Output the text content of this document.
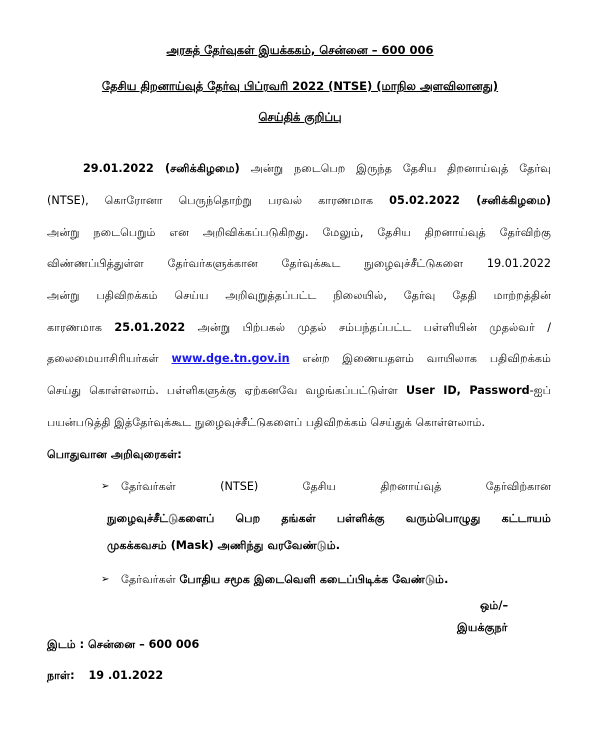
அரசுத் தேர்வுகள் இயக்ககம், சென்னை – 600 006
தேசிய திறனாய்வுத் தேர்வு பிப்ரவரி 2022 (NTSE) (மாநில அளவிலானது)
செய்திக் குறிப்பு
29.01.2022 (சனிக்கிழமை) அன்று நடைபெற இருந்த தேசிய திறனாய்வுத் தேர்வு
(NTSE), கொரோனா பெருந்தொற்று பரவல் காரணமாக 05.02.2022 (சனிக்கிழமை)
அன்று நடைபெறும் என அறிவிக்கப்படுகிறது. மேலும், தேசிய திறனாய்வுத் தேர்விற்கு
விண்ணப்பித்துள்ள தேர்வர்களுக்கான தேர்வுக்கூட நுழைவுச்சீட்டுகளை 19.01.2022
அன்று பதிவிறக்கம் செய்ய அறிவுறுத்தப்பட்ட நிலையில், தேர்வு தேதி மாற்றத்தின்
காரணமாக 25.01.2022 அன்று பிற்பகல் முதல் சம்பந்தப்பட்ட பள்ளியின் முதல்வர் /
தலைமையாசிரியர்கள் www.dge.tn.gov.in என்ற இணையதளம் வாயிலாக பதிவிறக்கம்
செய்து கொள்ளலாம். பள்ளிகளுக்கு ஏற்கனவே வழங்கப்பட்டுள்ள User ID, Password-ஐப்
பயன்படுத்தி இத்தேர்வுக்கூட நுழைவுச்சீட்டுகளைப் பதிவிறக்கம் செய்துக் கொள்ளலாம்.
பொதுவான அறிவுரைகள்:
➢ தேர்வர்கள் (NTSE) தேசிய திறனாய்வுத் தேர்விற்கான
நுழைவுச்சீட்டுகளைப் பெற தங்கள் பள்ளிக்கு வரும்பொழுது கட்டாயம்
முகக்கவசம் (Mask) அணிந்து வரவேண்டும்.
➢ தேர்வர்கள் போதிய சமூக இடைவெளி கடைப்பிடிக்க வேண்டும்.
ஒம்/–
இயக்குநர்
இடம் : சென்னை – 600 006
நாள்: 19 .01.2022
